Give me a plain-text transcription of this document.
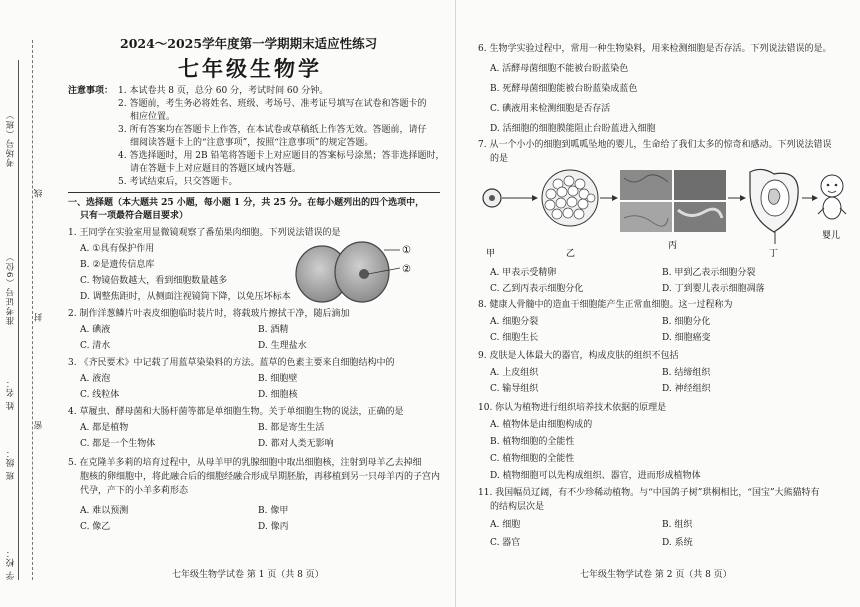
考场号（班）
线
准考证号（9位） 封
姓 名：
密
班 级：
学 校：
2024～2025学年度第一学期期末适应性练习
七年级生物学
注意事项： 1. 本试卷共 8 页，总分 60 分，考试时间 60 分钟。
2. 答题前，考生务必将姓名、班级、考场号、准考证号填写在试卷和答题卡的
相应位置。
3. 所有答案均在答题卡上作答，在本试卷或草稿纸上作答无效。答题前，请仔
细阅读答题卡上的“注意事项”，按照“注意事项”的规定答题。
4. 答选择题时，用 2B 铅笔将答题卡上对应题目的答案标号涂黑；答非选择题时，
请在答题卡上对应题目的答题区域内答题。
5. 考试结束后，只交答题卡。
一、选择题（本大题共 25 小题，每小题 1 分，共 25 分。在每小题列出的四个选项中，
只有一项最符合题目要求）
1. 王同学在实验室用显微镜观察了番茄果肉细胞。下列说法错误的是
A. ①具有保护作用
B. ②是遗传信息库
C. 物镜倍数越大，看到细胞数量越多
D. 调整焦距时，从侧面注视镜筒下降，以免压坏标本
①
②
2. 制作洋葱鳞片叶表皮细胞临时装片时，将载玻片擦拭干净，随后滴加
A. 碘液	B. 酒精
C. 清水	D. 生理盐水
3. 《齐民要术》中记载了用蓝草染染料的方法。蓝草的色素主要来自细胞结构中的
A. 液泡	B. 细胞壁
C. 线粒体	D. 细胞核
4. 草履虫、酵母菌和大肠杆菌等都是单细胞生物。关于单细胞生物的说法，正确的是
A. 都是植物	B. 都是寄生生活
C. 都是一个生物体	D. 都对人类无影响
5. 在克隆羊多莉的培育过程中，从母羊甲的乳腺细胞中取出细胞核，注射到母羊乙去掉细
胞核的卵细胞中，将此融合后的细胞经融合形成早期胚胎，再移植到另一只母羊丙的子宫内
代孕，产下的小羊多莉形态
A. 难以预测	B. 像甲
C. 像乙	D. 像丙
七年级生物学试卷 第 1 页（共 8 页）
6. 生物学实验过程中，常用一种生物染料，用来检测细胞是否存活。下列说法错误的是。
A. 活酵母菌细胞不能被台盼蓝染色
B. 死酵母菌细胞能被台盼蓝染成蓝色
C. 碘液用来检测细胞是否存活
D. 活细胞的细胞膜能阻止台盼蓝进入细胞
7. 从一个小小的细胞到呱呱坠地的婴儿，生命给了我们太多的惊奇和感动。下列说法错误
的是
甲	乙
丙
丁
婴儿
A. 甲表示受精卵	B. 甲到乙表示细胞分裂
C. 乙到丙表示细胞分化	D. 丁到婴儿表示细胞凋落
8. 健康人骨髓中的造血干细胞能产生正常血细胞。这一过程称为
A. 细胞分裂	B. 细胞分化
C. 细胞生长	D. 细胞癌变
9. 皮肤是人体最大的器官，构成皮肤的组织不包括
A. 上皮组织	B. 结缔组织
C. 输导组织	D. 神经组织
10. 你认为植物进行组织培养技术依据的原理是
A. 植物体是由细胞构成的
B. 植物细胞的全能性
C. 植物细胞的全能性
D. 植物细胞可以先构成组织、器官，进而形成植物体
11. 我国幅员辽阔，有不少珍稀动植物。与“中国鸽子树”珙桐相比，“国宝”大熊猫特有
的结构层次是
A. 细胞	B. 组织
C. 器官	D. 系统
七年级生物学试卷 第 2 页（共 8 页）
